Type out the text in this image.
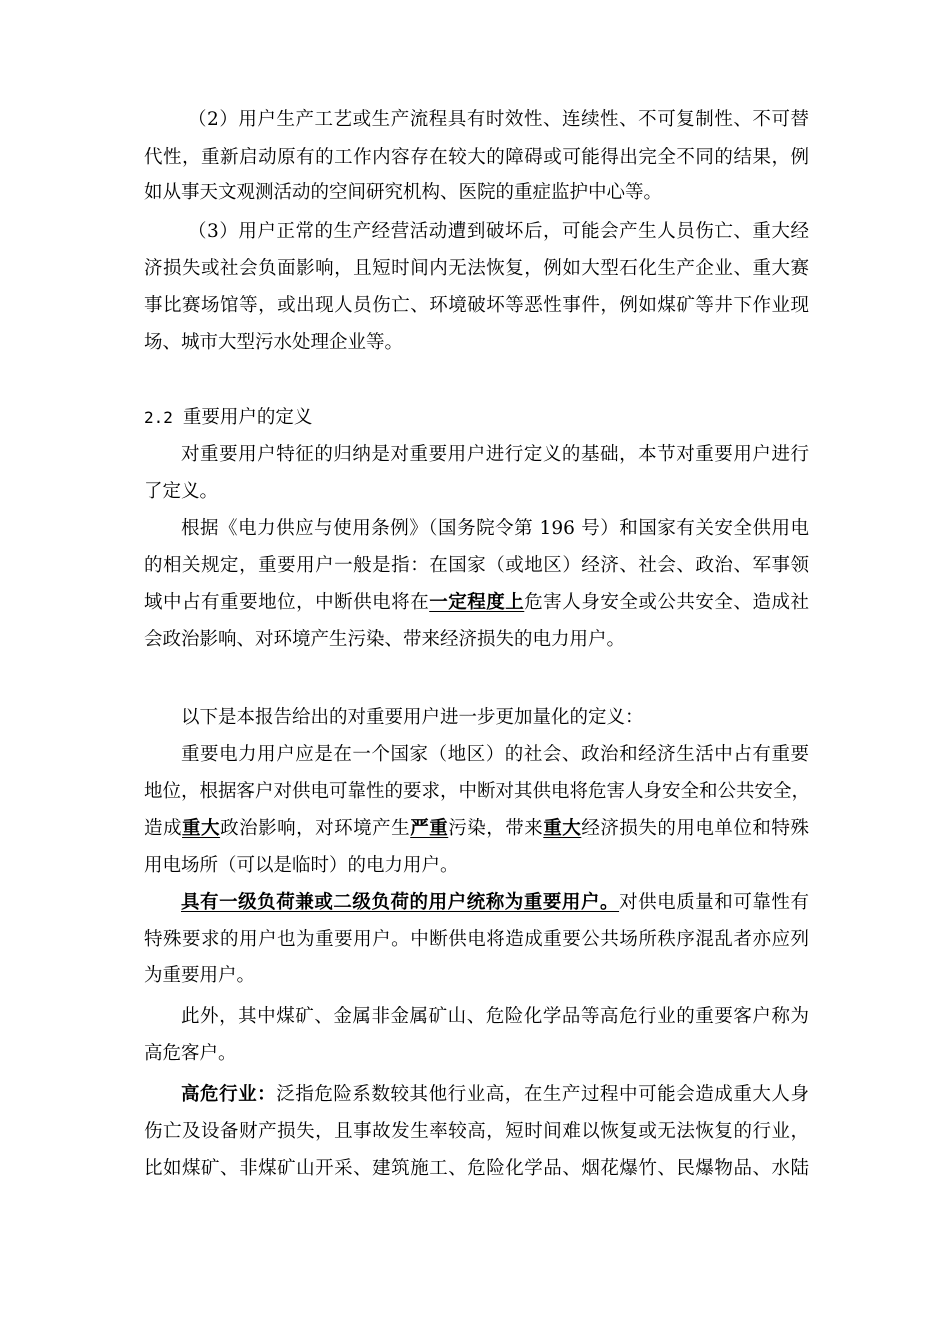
（2）用户生产工艺或生产流程具有时效性、连续性、不可复制性、不可替
代性，重新启动原有的工作内容存在较大的障碍或可能得出完全不同的结果，例
如从事天文观测活动的空间研究机构、医院的重症监护中心等。
（3）用户正常的生产经营活动遭到破坏后，可能会产生人员伤亡、重大经
济损失或社会负面影响，且短时间内无法恢复，例如大型石化生产企业、重大赛
事比赛场馆等，或出现人员伤亡、环境破坏等恶性事件，例如煤矿等井下作业现
场、城市大型污水处理企业等。
2.2 重要用户的定义
对重要用户特征的归纳是对重要用户进行定义的基础，本节对重要用户进行
了定义。
根据《电力供应与使用条例》（国务院令第 196 号）和国家有关安全供用电
的相关规定，重要用户一般是指：在国家（或地区）经济、社会、政治、军事领
域中占有重要地位，中断供电将在一定程度上危害人身安全或公共安全、造成社
会政治影响、对环境产生污染、带来经济损失的电力用户。
以下是本报告给出的对重要用户进一步更加量化的定义：
重要电力用户应是在一个国家（地区）的社会、政治和经济生活中占有重要
地位，根据客户对供电可靠性的要求，中断对其供电将危害人身安全和公共安全，
造成重大政治影响，对环境产生严重污染，带来重大经济损失的用电单位和特殊
用电场所（可以是临时）的电力用户。
具有一级负荷兼或二级负荷的用户统称为重要用户。对供电质量和可靠性有
特殊要求的用户也为重要用户。中断供电将造成重要公共场所秩序混乱者亦应列
为重要用户。
此外，其中煤矿、金属非金属矿山、危险化学品等高危行业的重要客户称为
高危客户。
高危行业：泛指危险系数较其他行业高，在生产过程中可能会造成重大人身
伤亡及设备财产损失，且事故发生率较高，短时间难以恢复或无法恢复的行业，
比如煤矿、非煤矿山开采、建筑施工、危险化学品、烟花爆竹、民爆物品、水陆
